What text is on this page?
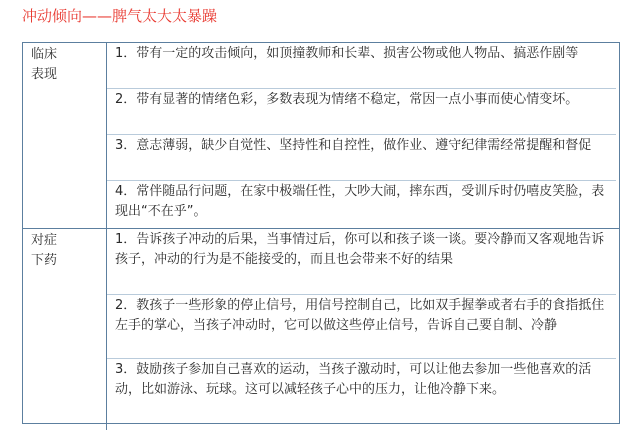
冲动倾向——脾气太大太暴躁
临床
表现
1．带有一定的攻击倾向，如顶撞教师和长辈、损害公物或他人物品、搞恶作剧等
2．带有显著的情绪色彩，多数表现为情绪不稳定，常因一点小事而使心情变坏。
3．意志薄弱，缺少自觉性、坚持性和自控性，做作业、遵守纪律需经常提醒和督促
4．常伴随品行问题，在家中极端任性，大吵大闹，摔东西，受训斥时仍嘻皮笑脸，表现出“不在乎”。
对症
下药
1．告诉孩子冲动的后果，当事情过后，你可以和孩子谈一谈。要冷静而又客观地告诉孩子，冲动的行为是不能接受的，而且也会带来不好的结果
2．教孩子一些形象的停止信号，用信号控制自己，比如双手握拳或者右手的食指抵住左手的掌心，当孩子冲动时，它可以做这些停止信号，告诉自己要自制、冷静
3．鼓励孩子参加自己喜欢的运动，当孩子激动时，可以让他去参加一些他喜欢的活动，比如游泳、玩球。这可以减轻孩子心中的压力，让他冷静下来。
